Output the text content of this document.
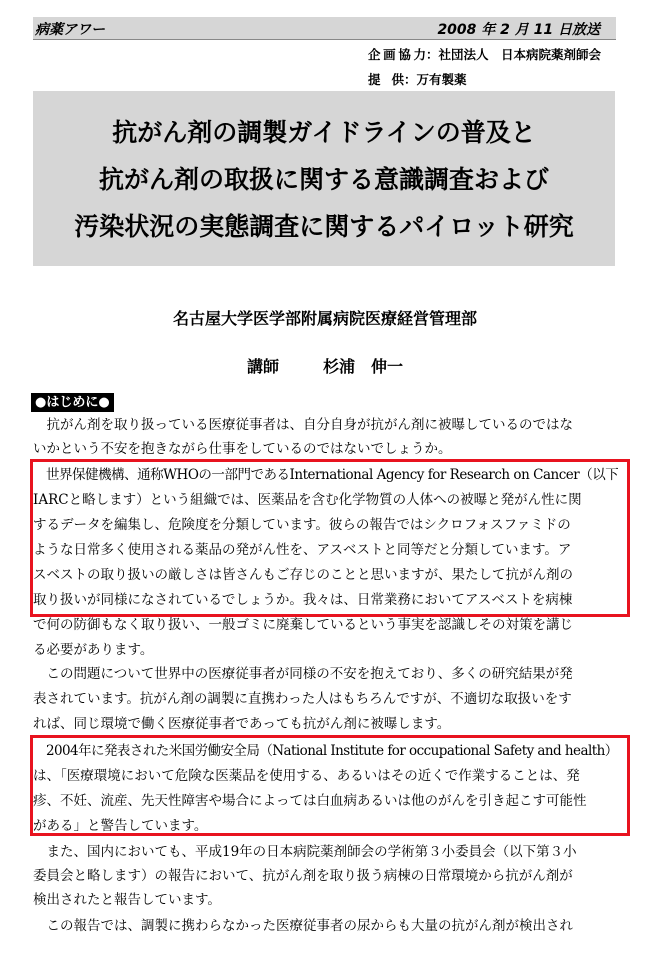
病薬アワー	2008 年 2 月 11 日放送
企画協力：社団法人　日本病院薬剤師会
提供：万有製薬
抗がん剤の調製ガイドラインの普及と
抗がん剤の取扱に関する意識調査および
汚染状況の実態調査に関するパイロット研究
名古屋大学医学部附属病院医療経営管理部
講師	杉浦　伸一
●はじめに●
　抗がん剤を取り扱っている医療従事者は、自分自身が抗がん剤に被曝しているのではな
いかという不安を抱きながら仕事をしているのではないでしょうか。
　世界保健機構、通称WHOの一部門であるInternational Agency for Research on Cancer（以下
IARCと略します）という組織では、医薬品を含む化学物質の人体への被曝と発がん性に関
するデータを編集し、危険度を分類しています。彼らの報告ではシクロフォスファミドの
ような日常多く使用される薬品の発がん性を、アスベストと同等だと分類しています。ア
スベストの取り扱いの厳しさは皆さんもご存じのことと思いますが、果たして抗がん剤の
取り扱いが同様になされているでしょうか。我々は、日常業務においてアスベストを病棟
で何の防御もなく取り扱い、一般ゴミに廃棄しているという事実を認識しその対策を講じ
る必要があります。
　この問題について世界中の医療従事者が同様の不安を抱えており、多くの研究結果が発
表されています。抗がん剤の調製に直携わった人はもちろんですが、不適切な取扱いをす
れば、同じ環境で働く医療従事者であっても抗がん剤に被曝します。
　2004年に発表された米国労働安全局（National Institute for occupational Safety and health）
は、「医療環境において危険な医薬品を使用する、あるいはその近くで作業することは、発
疹、不妊、流産、先天性障害や場合によっては白血病あるいは他のがんを引き起こす可能性
がある」と警告しています。
　また、国内においても、平成19年の日本病院薬剤師会の学術第３小委員会（以下第３小
委員会と略します）の報告において、抗がん剤を取り扱う病棟の日常環境から抗がん剤が
検出されたと報告しています。
　この報告では、調製に携わらなかった医療従事者の尿からも大量の抗がん剤が検出され
